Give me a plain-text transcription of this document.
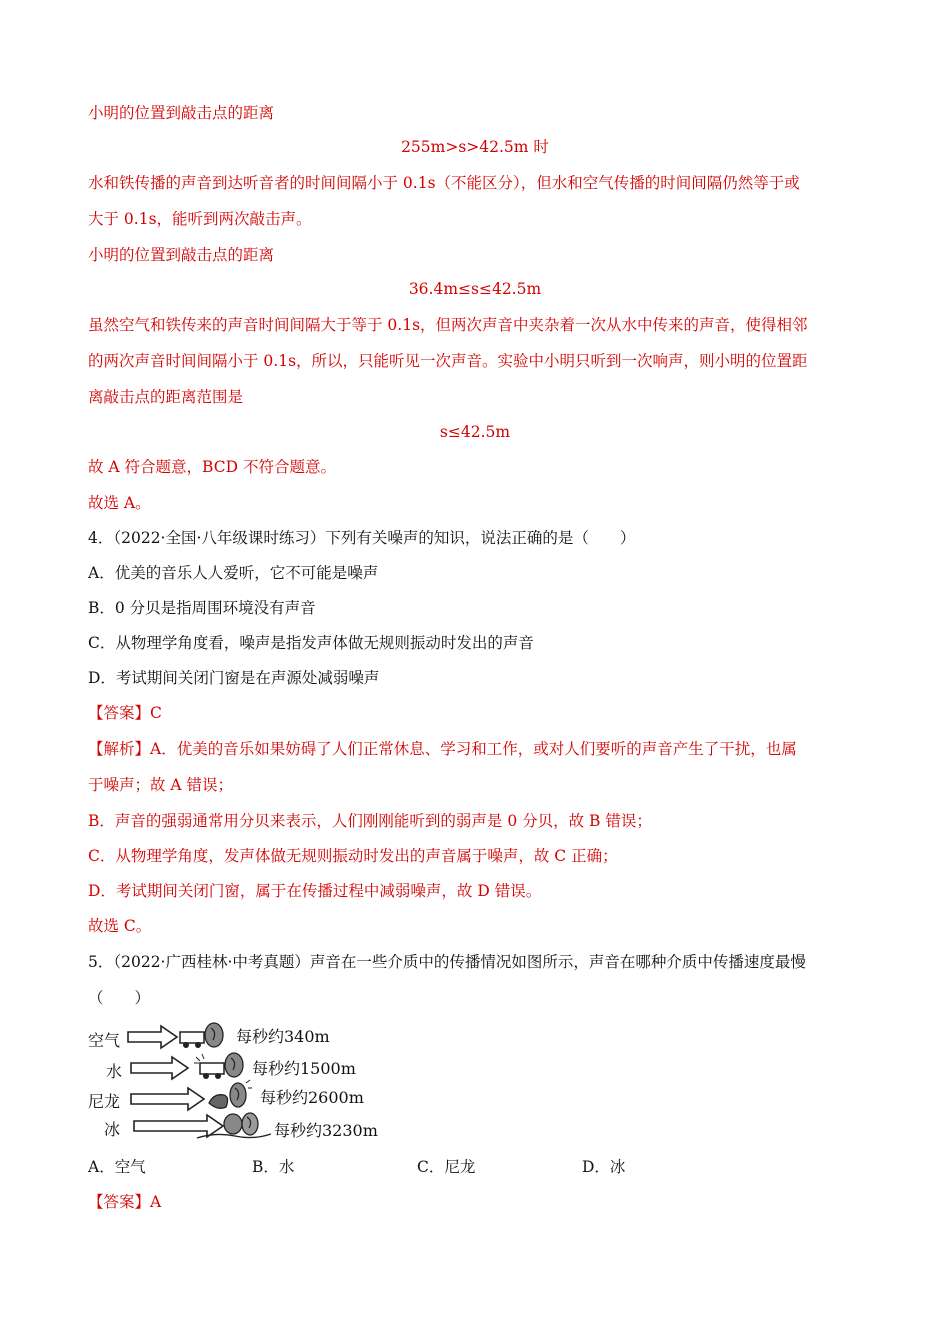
小明的位置到敲击点的距离
255m>s>42.5m 时
水和铁传播的声音到达听音者的时间间隔小于 0.1s（不能区分），但水和空气传播的时间间隔仍然等于或
大于 0.1s，能听到两次敲击声。
小明的位置到敲击点的距离
36.4m≤s≤42.5m
虽然空气和铁传来的声音时间间隔大于等于 0.1s，但两次声音中夹杂着一次从水中传来的声音，使得相邻
的两次声音时间间隔小于 0.1s，所以，只能听见一次声音。实验中小明只听到一次响声，则小明的位置距
离敲击点的距离范围是
s≤42.5m
故 A 符合题意，BCD 不符合题意。
故选 A。
4．（2022·全国·八年级课时练习）下列有关噪声的知识，说法正确的是（　　）
A．优美的音乐人人爱听，它不可能是噪声
B．0 分贝是指周围环境没有声音
C．从物理学角度看，噪声是指发声体做无规则振动时发出的声音
D．考试期间关闭门窗是在声源处减弱噪声
【答案】C
【解析】A．优美的音乐如果妨碍了人们正常休息、学习和工作，或对人们要听的声音产生了干扰，也属
于噪声；故 A 错误；
B．声音的强弱通常用分贝来表示，人们刚刚能听到的弱声是 0 分贝，故 B 错误；
C．从物理学角度，发声体做无规则振动时发出的声音属于噪声，故 C 正确；
D．考试期间关闭门窗，属于在传播过程中减弱噪声，故 D 错误。
故选 C。
5．（2022·广西桂林·中考真题）声音在一些介质中的传播情况如图所示，声音在哪种介质中传播速度最慢
（　　）
空气	每秒约340m
水	每秒约1500m
尼龙	每秒约2600m
冰	每秒约3230m
A．空气	B．水	C．尼龙	D．冰
【答案】A
